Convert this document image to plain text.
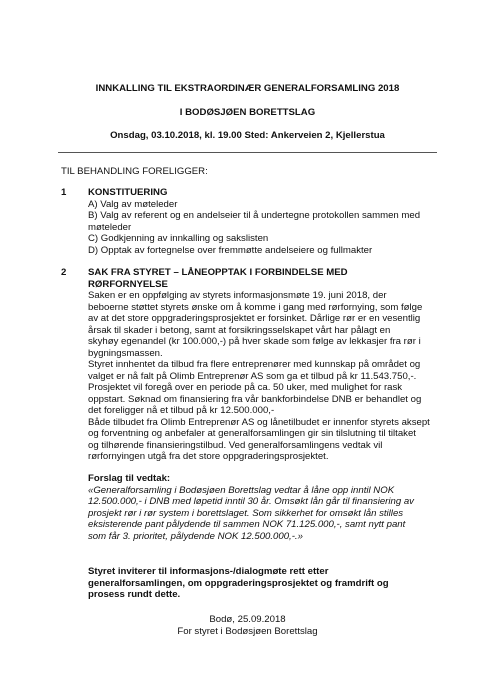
INNKALLING TIL EKSTRAORDINÆR GENERALFORSAMLING 2018
I BODØSJØEN BORETTSLAG
Onsdag, 03.10.2018, kl. 19.00 Sted: Ankerveien 2, Kjellerstua
TIL BEHANDLING FORELIGGER:
1 KONSTITUERING
A) Valg av møteleder
B) Valg av referent og en andelseier til å undertegne protokollen sammen med
møteleder
C) Godkjenning av innkalling og sakslisten
D) Opptak av fortegnelse over fremmøtte andelseiere og fullmakter
2 SAK FRA STYRET – LÅNEOPPTAK I FORBINDELSE MED
RØRFORNYELSE
Saken er en oppfølging av styrets informasjonsmøte 19. juni 2018, der
beboerne støttet styrets ønske om å komme i gang med rørfornying, som følge
av at det store oppgraderingsprosjektet er forsinket. Dårlige rør er en vesentlig
årsak til skader i betong, samt at forsikringsselskapet vårt har pålagt en
skyhøy egenandel (kr 100.000,-) på hver skade som følge av lekkasjer fra rør i
bygningsmassen.
Styret innhentet da tilbud fra flere entreprenører med kunnskap på området og
valget er nå falt på Olimb Entreprenør AS som ga et tilbud på kr 11.543.750,-.
Prosjektet vil foregå over en periode på ca. 50 uker, med mulighet for rask
oppstart. Søknad om finansiering fra vår bankforbindelse DNB er behandlet og
det foreligger nå et tilbud på kr 12.500.000,-
Både tilbudet fra Olimb Entreprenør AS og lånetilbudet er innenfor styrets aksept
og forventning og anbefaler at generalforsamlingen gir sin tilslutning til tiltaket
og tilhørende finansieringstilbud. Ved generalforsamlingens vedtak vil
rørfornyingen utgå fra det store oppgraderingsprosjektet.
Forslag til vedtak:
«Generalforsamling i Bodøsjøen Borettslag vedtar å låne opp inntil NOK
12.500.000,- i DNB med løpetid inntil 30 år. Omsøkt lån går til finansiering av
prosjekt rør i rør system i borettslaget. Som sikkerhet for omsøkt lån stilles
eksisterende pant pålydende til sammen NOK 71.125.000,-, samt nytt pant
som får 3. prioritet, pålydende NOK 12.500.000,-.»
Styret inviterer til informasjons-/dialogmøte rett etter
generalforsamlingen, om oppgraderingsprosjektet og framdrift og
prosess rundt dette.
Bodø, 25.09.2018
For styret i Bodøsjøen Borettslag
